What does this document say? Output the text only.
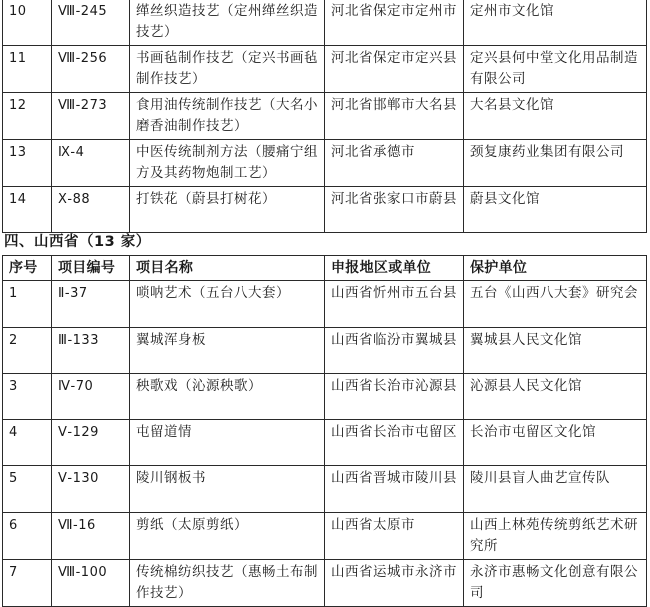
10	Ⅷ-245	缂丝织造技艺（定州缂丝织造技艺）	河北省保定市定州市	定州市文化馆
11	Ⅷ-256	书画毡制作技艺（定兴书画毡制作技艺）	河北省保定市定兴县	定兴县何中堂文化用品制造有限公司
12	Ⅷ-273	食用油传统制作技艺（大名小磨香油制作技艺）	河北省邯郸市大名县	大名县文化馆
13	Ⅸ-4	中医传统制剂方法（腰痛宁组方及其药物炮制工艺）	河北省承德市	颈复康药业集团有限公司
14	Ⅹ-88	打铁花（蔚县打树花）	河北省张家口市蔚县	蔚县文化馆
四、山西省（13 家）
序号	项目编号	项目名称	申报地区或单位	保护单位
1	Ⅱ-37	唢呐艺术（五台八大套）	山西省忻州市五台县	五台《山西八大套》研究会
2	Ⅲ-133	翼城浑身板	山西省临汾市翼城县	翼城县人民文化馆
3	Ⅳ-70	秧歌戏（沁源秧歌）	山西省长治市沁源县	沁源县人民文化馆
4	Ⅴ-129	屯留道情	山西省长治市屯留区	长治市屯留区文化馆
5	Ⅴ-130	陵川钢板书	山西省晋城市陵川县	陵川县盲人曲艺宣传队
6	Ⅶ-16	剪纸（太原剪纸）	山西省太原市	山西上林苑传统剪纸艺术研究所
7	Ⅷ-100	传统棉纺织技艺（惠畅土布制作技艺）	山西省运城市永济市	永济市惠畅文化创意有限公司
